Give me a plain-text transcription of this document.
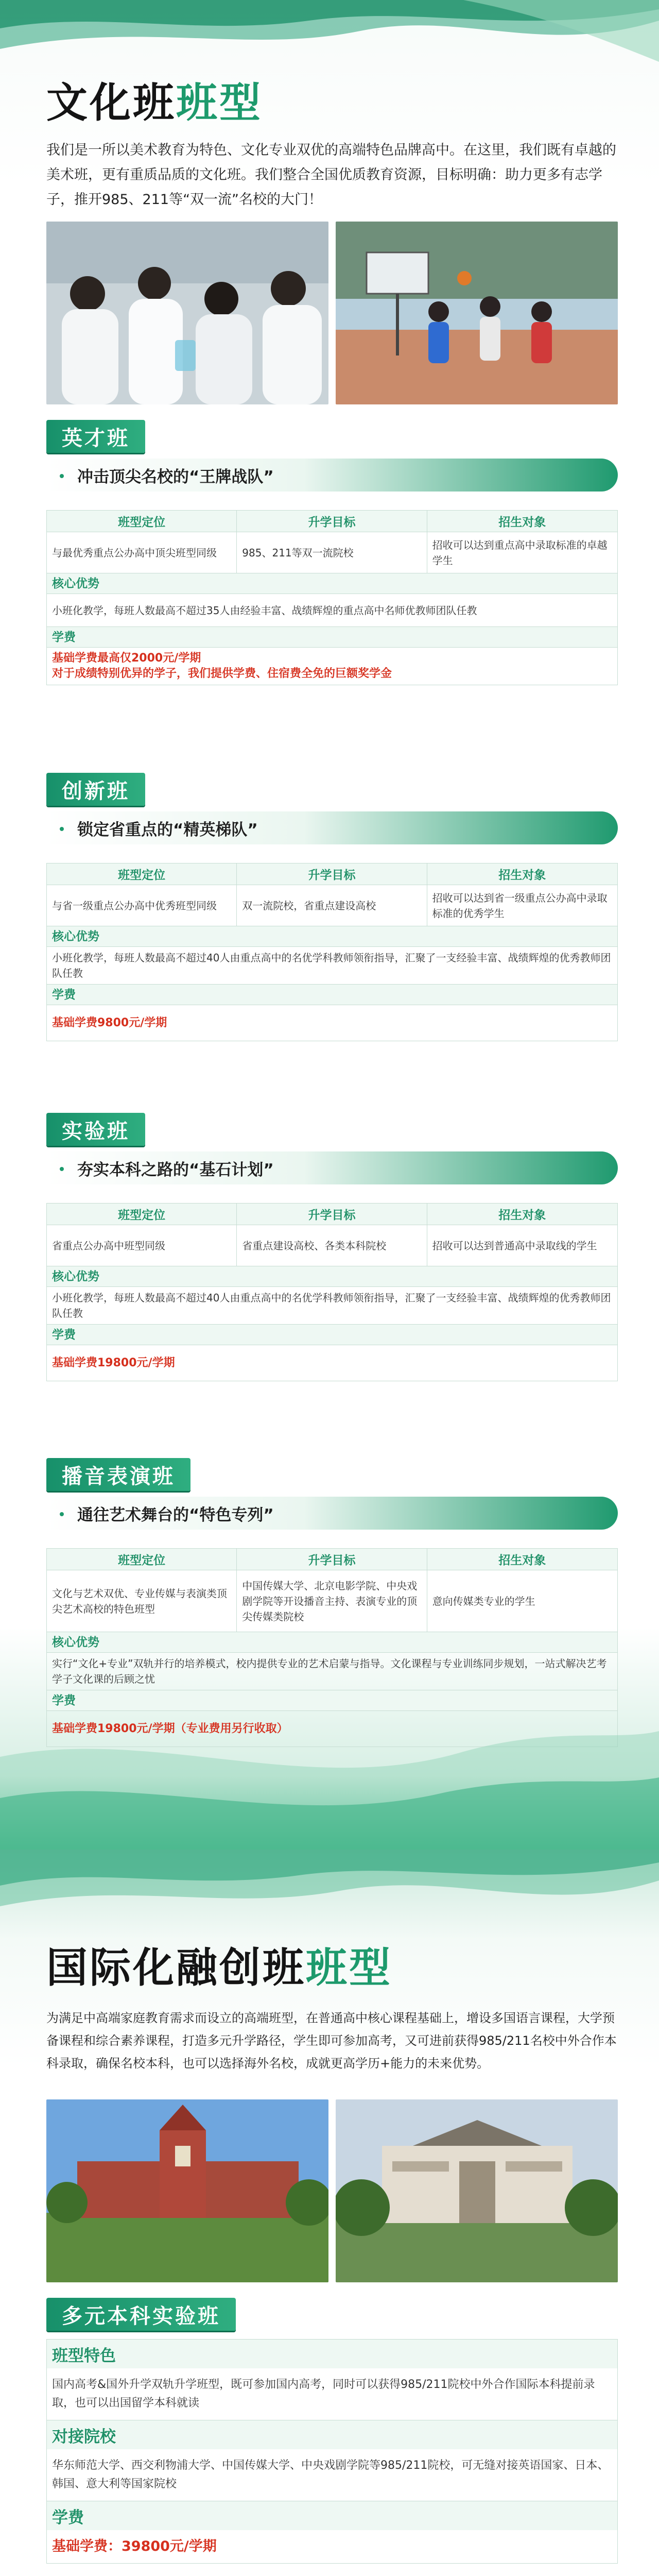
文化班 班型

我们是一所以美术教育为特色、文化专业双优的高端特色品牌高中。在这里，我们既有卓越的美术班，更有重质品质的文化班。我们整合全国优质教育资源，目标明确：助力更多有志学子，推开985、211等“双一流”名校的大门！

英才班
冲击顶尖名校的“王牌战队”
班型定位	升学目标	招生对象
与最优秀重点公办高中顶尖班型同级	985、211等双一流院校	招收可以达到重点高中录取标准的卓越学生
核心优势		
小班化教学，每班人数最高不超过35人由经验丰富、战绩辉煌的重点高中名师优教师团队任教		
学费		

基础学费最高仅2000元/学期
对于成绩特别优异的学子，我们提供学费、住宿费全免的巨额奖学金		
创新班
锁定省重点的“精英梯队”
班型定位	升学目标	招生对象
与省一级重点公办高中优秀班型同级	双一流院校，省重点建设高校	招收可以达到省一级重点公办高中录取标准的优秀学生
核心优势		
小班化教学，每班人数最高不超过40人由重点高中的名优学科教师领衔指导，汇聚了一支经验丰富、战绩辉煌的优秀教师团队任教		
学费		
基础学费9800元/学期		
实验班
夯实本科之路的“基石计划”
班型定位	升学目标	招生对象
省重点公办高中班型同级	省重点建设高校、各类本科院校	招收可以达到普通高中录取线的学生
核心优势		
小班化教学，每班人数最高不超过40人由重点高中的名优学科教师领衔指导，汇聚了一支经验丰富、战绩辉煌的优秀教师团队任教		
学费		
基础学费19800元/学期		
播音表演班
通往艺术舞台的“特色专列”
班型定位	升学目标	招生对象
文化与艺术双优、专业传媒与表演类顶尖艺术高校的特色班型	中国传媒大学、北京电影学院、中央戏剧学院等开设播音主持、表演专业的顶尖传媒类院校	意向传媒类专业的学生
核心优势		
实行“文化+专业”双轨并行的培养模式，校内提供专业的艺术启蒙与指导。文化课程与专业训练同步规划，一站式解决艺考学子文化课的后顾之忧		
学费		
基础学费19800元/学期（专业费用另行收取）		
国际化融创班 班型

为满足中高端家庭教育需求而设立的高端班型，在普通高中核心课程基础上，增设多国语言课程，大学预备课程和综合素养课程，打造多元升学路径，学生即可参加高考，又可进前获得985/211名校中外合作本科录取，确保名校本科，也可以选择海外名校，成就更高学历+能力的未来优势。

多元本科实验班
班型特色
国内高考&国外升学双轨升学班型，既可参加国内高考，同时可以获得985/211院校中外合作国际本科提前录取，也可以出国留学本科就读
对接院校
华东师范大学、西交利物浦大学、中国传媒大学、中央戏剧学院等985/211院校，可无缝对接英语国家、日本、韩国、意大利等国家院校
学费
基础学费：39800元/学期
